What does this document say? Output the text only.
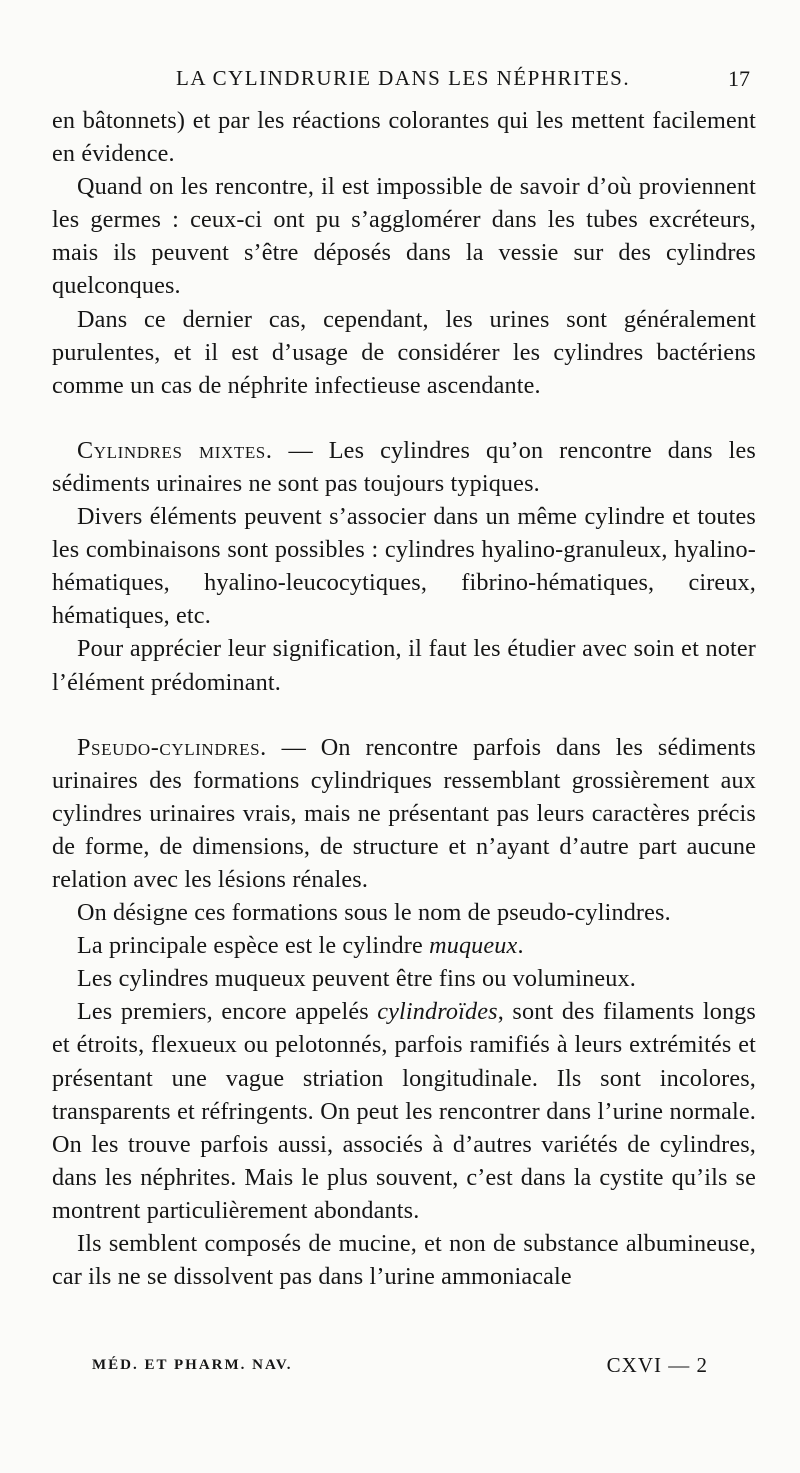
LA CYLINDRURIE DANS LES NÉPHRITES.	17

en bâtonnets) et par les réactions colorantes qui les mettent facilement en évidence.

Quand on les rencontre, il est impossible de savoir d’où proviennent les germes : ceux-ci ont pu s’agglomérer dans les tubes excréteurs, mais ils peuvent s’être déposés dans la vessie sur des cylindres quelconques.

Dans ce dernier cas, cependant, les urines sont généralement purulentes, et il est d’usage de considérer les cylindres bactériens comme un cas de néphrite infectieuse ascendante.

Cylindres mixtes. — Les cylindres qu’on rencontre dans les sédiments urinaires ne sont pas toujours typiques.

Divers éléments peuvent s’associer dans un même cylindre et toutes les combinaisons sont possibles : cylindres hyalino-granuleux, hyalino-hématiques, hyalino-leucocytiques, fibrino-hématiques, cireux, hématiques, etc.

Pour apprécier leur signification, il faut les étudier avec soin et noter l’élément prédominant.

Pseudo-cylindres. — On rencontre parfois dans les sédiments urinaires des formations cylindriques ressemblant grossièrement aux cylindres urinaires vrais, mais ne présentant pas leurs caractères précis de forme, de dimensions, de structure et n’ayant d’autre part aucune relation avec les lésions rénales.

On désigne ces formations sous le nom de pseudo-cylindres.

La principale espèce est le cylindre muqueux.

Les cylindres muqueux peuvent être fins ou volumineux.

Les premiers, encore appelés cylindroïdes, sont des filaments longs et étroits, flexueux ou pelotonnés, parfois ramifiés à leurs extrémités et présentant une vague striation longitudinale. Ils sont incolores, transparents et réfringents. On peut les rencontrer dans l’urine normale. On les trouve parfois aussi, associés à d’autres variétés de cylindres, dans les néphrites. Mais le plus souvent, c’est dans la cystite qu’ils se montrent particulièrement abondants.

Ils semblent composés de mucine, et non de substance albumineuse, car ils ne se dissolvent pas dans l’urine ammoniacale

MÉD. ET PHARM. NAV.	CXVI — 2
